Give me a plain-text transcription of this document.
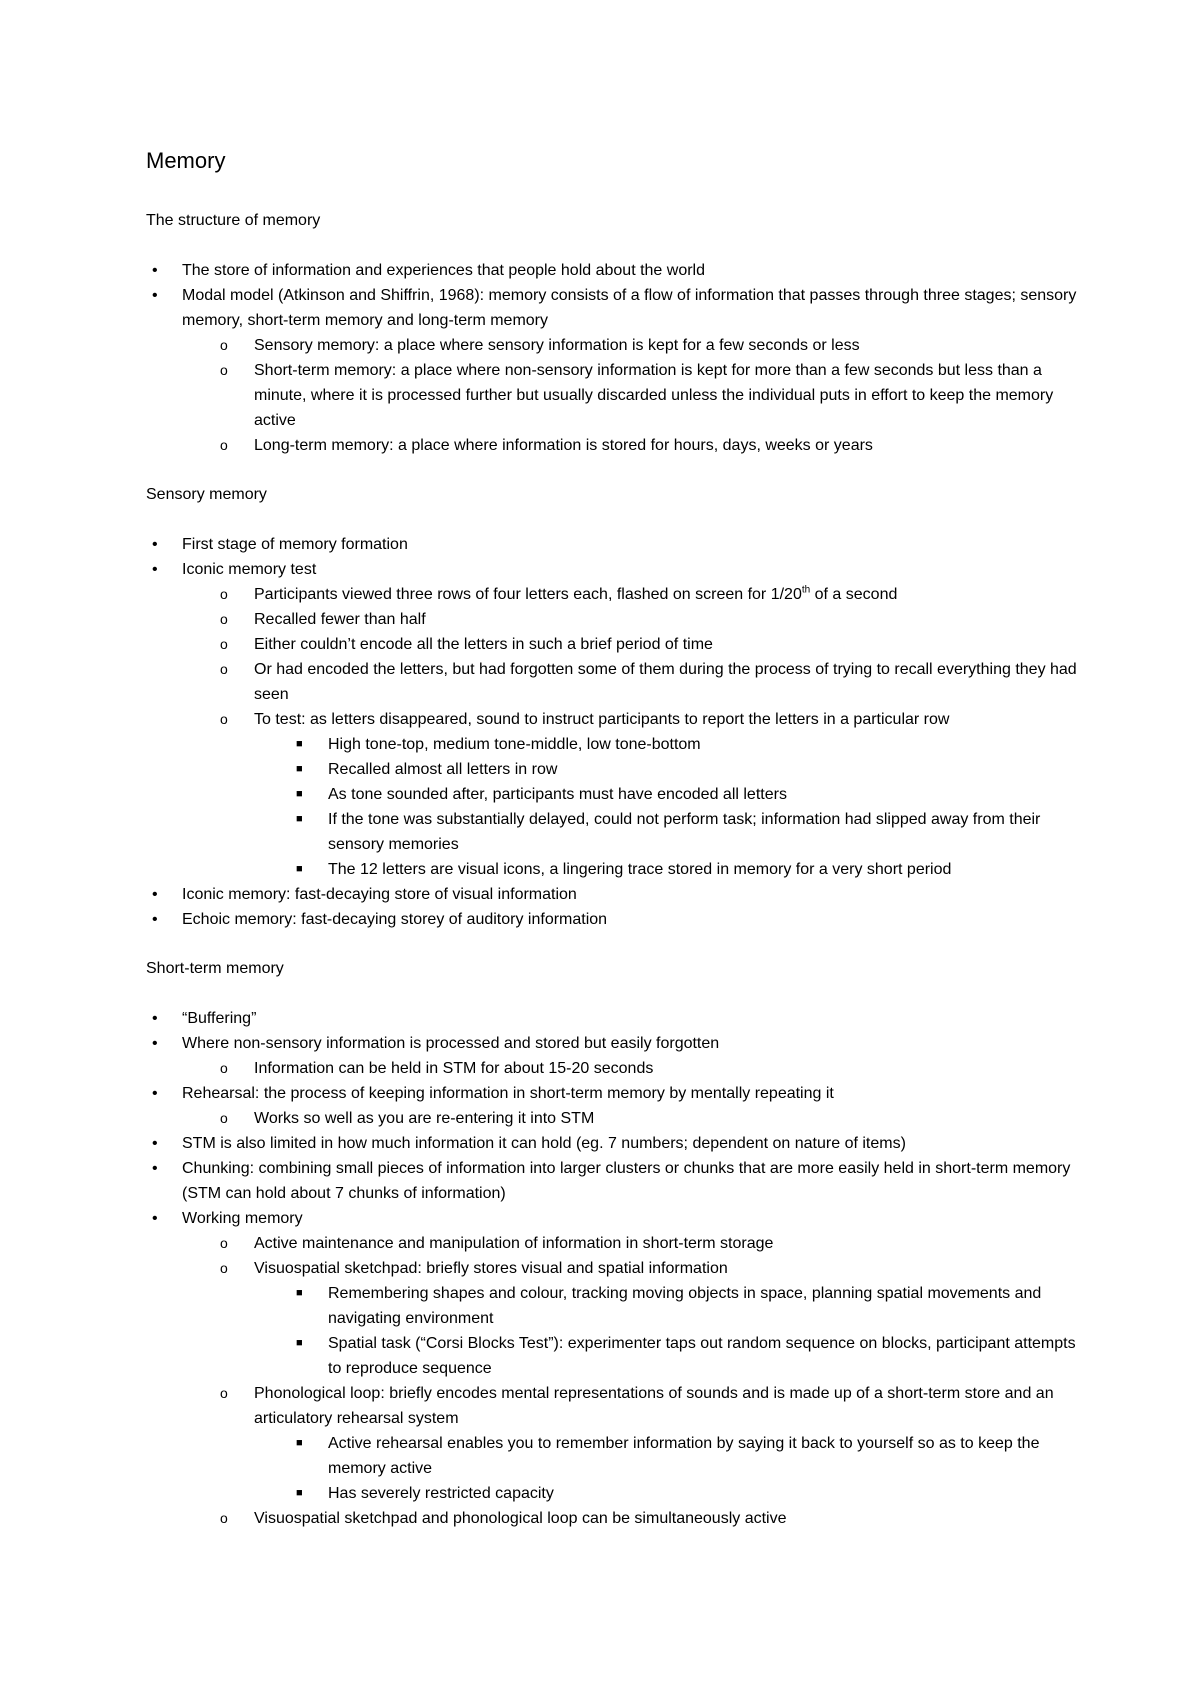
Memory
The structure of memory
• The store of information and experiences that people hold about the world
• Modal model (Atkinson and Shiffrin, 1968): memory consists of a flow of information that passes through three stages; sensory memory, short-term memory and long-term memory
o Sensory memory: a place where sensory information is kept for a few seconds or less
o Short-term memory: a place where non-sensory information is kept for more than a few seconds but less than a minute, where it is processed further but usually discarded unless the individual puts in effort to keep the memory active
o Long-term memory: a place where information is stored for hours, days, weeks or years
Sensory memory
• First stage of memory formation
• Iconic memory test
o Participants viewed three rows of four letters each, flashed on screen for 1/20th of a second
o Recalled fewer than half
o Either couldn’t encode all the letters in such a brief period of time
o Or had encoded the letters, but had forgotten some of them during the process of trying to recall everything they had seen
o To test: as letters disappeared, sound to instruct participants to report the letters in a particular row
■ High tone-top, medium tone-middle, low tone-bottom
■ Recalled almost all letters in row
■ As tone sounded after, participants must have encoded all letters
■ If the tone was substantially delayed, could not perform task; information had slipped away from their sensory memories
■ The 12 letters are visual icons, a lingering trace stored in memory for a very short period
• Iconic memory: fast-decaying store of visual information
• Echoic memory: fast-decaying storey of auditory information
Short-term memory
• “Buffering”
• Where non-sensory information is processed and stored but easily forgotten
o Information can be held in STM for about 15-20 seconds
• Rehearsal: the process of keeping information in short-term memory by mentally repeating it
o Works so well as you are re-entering it into STM
• STM is also limited in how much information it can hold (eg. 7 numbers; dependent on nature of items)
• Chunking: combining small pieces of information into larger clusters or chunks that are more easily held in short-term memory (STM can hold about 7 chunks of information)
• Working memory
o Active maintenance and manipulation of information in short-term storage
o Visuospatial sketchpad: briefly stores visual and spatial information
■ Remembering shapes and colour, tracking moving objects in space, planning spatial movements and navigating environment
■ Spatial task (“Corsi Blocks Test”): experimenter taps out random sequence on blocks, participant attempts to reproduce sequence
o Phonological loop: briefly encodes mental representations of sounds and is made up of a short-term store and an articulatory rehearsal system
■ Active rehearsal enables you to remember information by saying it back to yourself so as to keep the memory active
■ Has severely restricted capacity
o Visuospatial sketchpad and phonological loop can be simultaneously active
